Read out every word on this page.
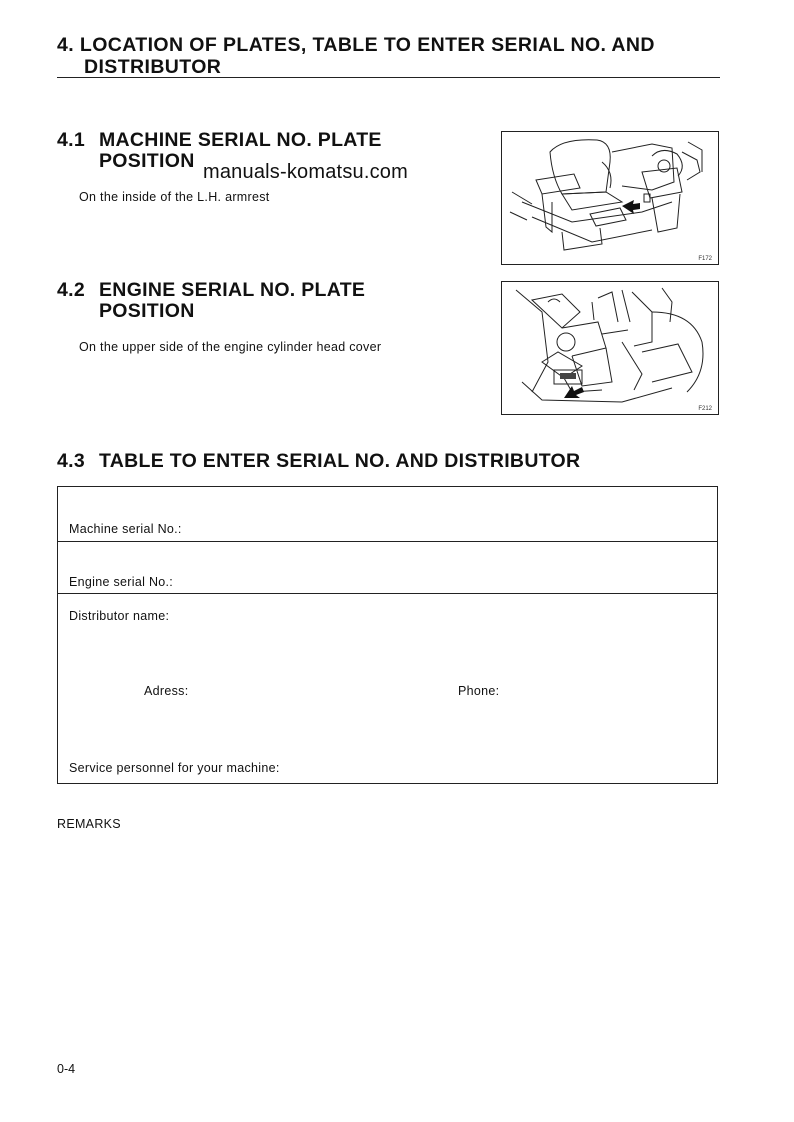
4. LOCATION OF PLATES, TABLE TO ENTER SERIAL NO. AND
DISTRIBUTOR
4.1 MACHINE SERIAL NO. PLATE
POSITION manuals-komatsu.com
On the inside of the L.H. armrest
F172
4.2 ENGINE SERIAL NO. PLATE
POSITION
On the upper side of the engine cylinder head cover
F212
4.3 TABLE TO ENTER SERIAL NO. AND DISTRIBUTOR
Machine serial No.:
Engine serial No.:
Distributor name:
Adress:	Phone:
Service personnel for your machine:
REMARKS
0-4
